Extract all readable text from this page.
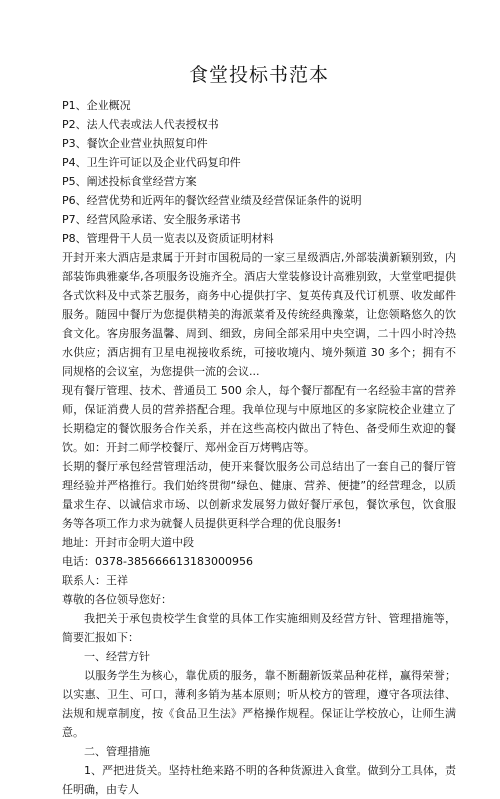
食堂投标书范本
P1、企业概况
P2、法人代表或法人代表授权书
P3、餐饮企业营业执照复印件
P4、卫生许可证以及企业代码复印件
P5、阐述投标食堂经营方案
P6、经营优势和近两年的餐饮经营业绩及经营保证条件的说明
P7、经营风险承诺、安全服务承诺书
P8、管理骨干人员一览表以及资质证明材料

开封开来大酒店是隶属于开封市国税局的一家三星级酒店,外部装潢新颖别致，内部装饰典雅豪华,各项服务设施齐全。酒店大堂装修设计高雅别致，大堂堂吧提供各式饮料及中式茶艺服务，商务中心提供打字、复英传真及代订机票、收发邮件服务。随园中餐厅为您提供精美的海派菜肴及传统经典豫菜，让您领略悠久的饮食文化。客房服务温馨、周到、细致，房间全部采用中央空调，二十四小时冷热水供应；酒店拥有卫星电视接收系统，可接收境内、境外频道 30 多个；拥有不同规格的会议室，为您提供一流的会议...

现有餐厅管理、技术、普通员工 500 余人，每个餐厅都配有一名经验丰富的营养师，保证消费人员的营养搭配合理。我单位现与中原地区的多家院校企业建立了长期稳定的餐饮服务合作关系，并在这些高校内做出了特色、备受师生欢迎的餐饮。如：开封二师学校餐厅、郑州金百万烤鸭店等。

长期的餐厅承包经营管理活动，使开来餐饮服务公司总结出了一套自己的餐厅管理经验并严格推行。我们始终贯彻“绿色、健康、营养、便捷”的经营理念，以质量求生存、以诚信求市场、以创新求发展努力做好餐厅承包，餐饮承包，饮食服务等各项工作力求为就餐人员提供更科学合理的优良服务!

地址：开封市金明大道中段

电话：0378-385666613183000956

联系人：王祥

尊敬的各位领导您好：

我把关于承包贵校学生食堂的具体工作实施细则及经营方针、管理措施等，简要汇报如下：

一、经营方针

以服务学生为核心，靠优质的服务，靠不断翻新饭菜品种花样，赢得荣誉；以实惠、卫生、可口，薄利多销为基本原则；听从校方的管理，遵守各项法律、法规和规章制度，按《食品卫生法》严格操作规程。保证让学校放心，让师生满意。

二、管理措施

1、严把进货关。坚持杜绝来路不明的各种货源进入食堂。做到分工具体，责任明确，由专人
